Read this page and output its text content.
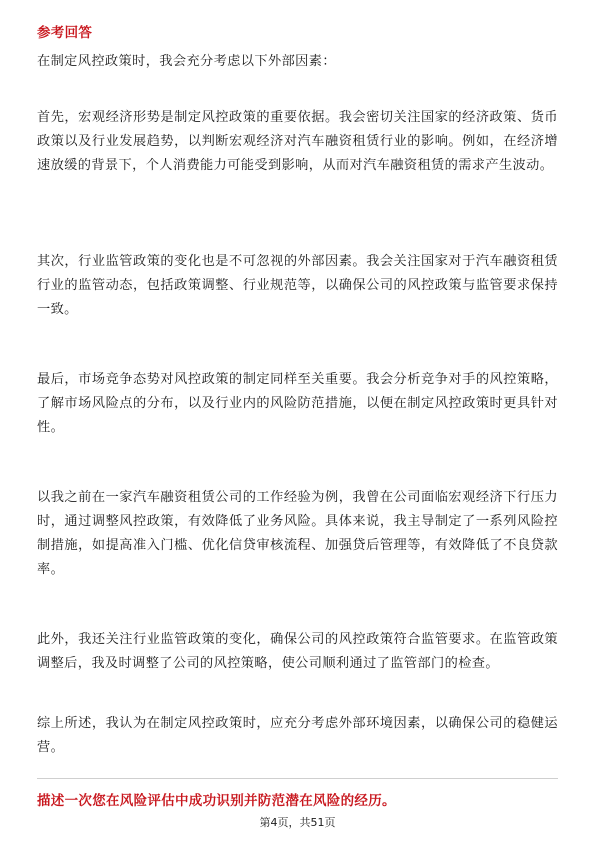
参考回答

在制定风控政策时，我会充分考虑以下外部因素：

首先，宏观经济形势是制定风控政策的重要依据。我会密切关注国家的经济政策、货币政策以及行业发展趋势，以判断宏观经济对汽车融资租赁行业的影响。例如，在经济增速放缓的背景下，个人消费能力可能受到影响，从而对汽车融资租赁的需求产生波动。

其次，行业监管政策的变化也是不可忽视的外部因素。我会关注国家对于汽车融资租赁行业的监管动态，包括政策调整、行业规范等，以确保公司的风控政策与监管要求保持一致。

最后，市场竞争态势对风控政策的制定同样至关重要。我会分析竞争对手的风控策略，了解市场风险点的分布，以及行业内的风险防范措施，以便在制定风控政策时更具针对性。

以我之前在一家汽车融资租赁公司的工作经验为例，我曾在公司面临宏观经济下行压力时，通过调整风控政策，有效降低了业务风险。具体来说，我主导制定了一系列风险控制措施，如提高准入门槛、优化信贷审核流程、加强贷后管理等，有效降低了不良贷款率。

此外，我还关注行业监管政策的变化，确保公司的风控政策符合监管要求。在监管政策调整后，我及时调整了公司的风控策略，使公司顺利通过了监管部门的检查。

综上所述，我认为在制定风控政策时，应充分考虑外部环境因素，以确保公司的稳健运营。

描述一次您在风险评估中成功识别并防范潜在风险的经历。
第4页，共51页
